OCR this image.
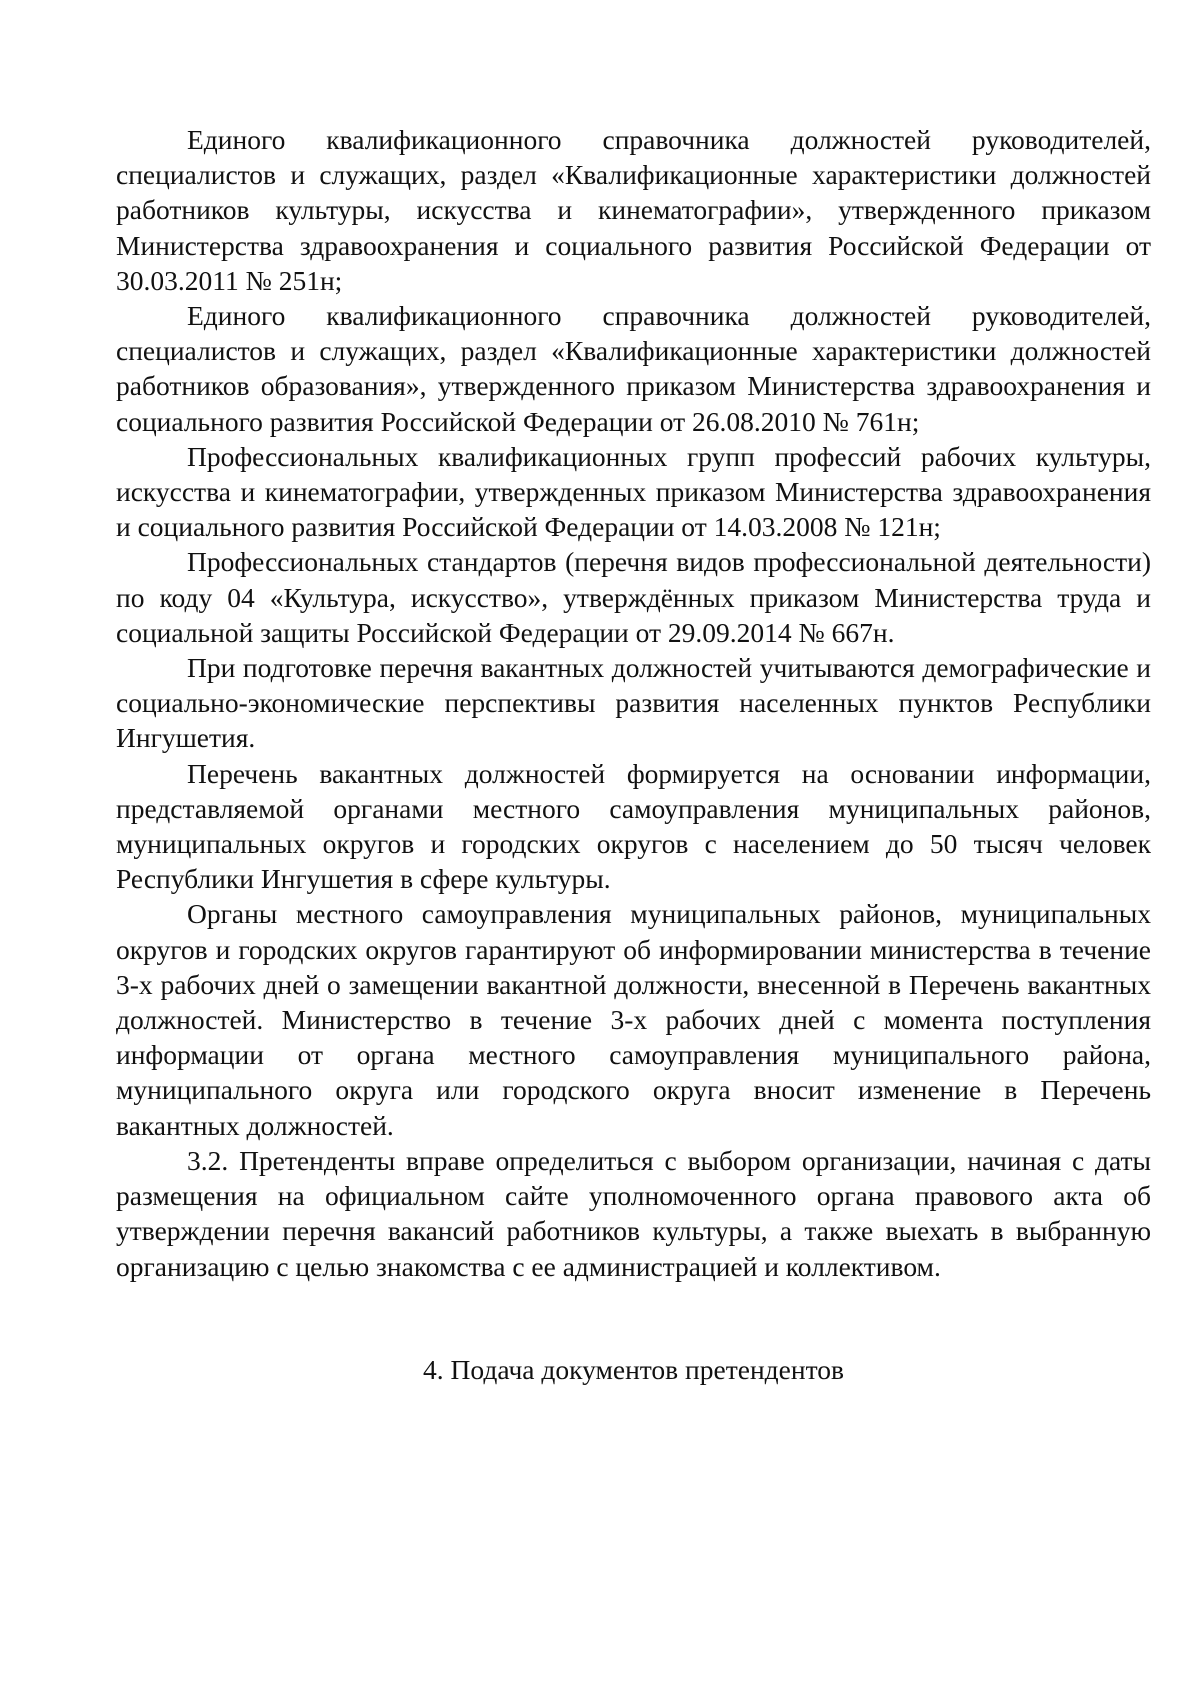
Единого квалификационного справочника должностей руководителей, специалистов и служащих, раздел «Квалификационные характеристики должностей работников культуры, искусства и кинематографии», утвержденного приказом Министерства здравоохранения и социального развития Российской Федерации от 30.03.2011 № 251н;

Единого квалификационного справочника должностей руководителей, специалистов и служащих, раздел «Квалификационные характеристики должностей работников образования», утвержденного приказом Министерства здравоохранения и социального развития Российской Федерации от 26.08.2010 № 761н;

Профессиональных квалификационных групп профессий рабочих культуры, искусства и кинематографии, утвержденных приказом Министерства здравоохранения и социального развития Российской Федерации от 14.03.2008 № 121н;

Профессиональных стандартов (перечня видов профессиональной деятельности) по коду 04 «Культура, искусство», утверждённых приказом Министерства труда и социальной защиты Российской Федерации от 29.09.2014 № 667н.

При подготовке перечня вакантных должностей учитываются демографические и социально-экономические перспективы развития населенных пунктов Республики Ингушетия.

Перечень вакантных должностей формируется на основании информации, представляемой органами местного самоуправления муниципальных районов, муниципальных округов и городских округов с населением до 50 тысяч человек Республики Ингушетия в сфере культуры.

Органы местного самоуправления муниципальных районов, муниципальных округов и городских округов гарантируют об информировании министерства в течение 3-х рабочих дней о замещении вакантной должности, внесенной в Перечень вакантных должностей. Министерство в течение 3-х рабочих дней с момента поступления информации от органа местного самоуправления муниципального района, муниципального округа или городского округа вносит изменение в Перечень вакантных должностей.

3.2. Претенденты вправе определиться с выбором организации, начиная с даты размещения на официальном сайте уполномоченного органа правового акта об утверждении перечня вакансий работников культуры, а также выехать в выбранную организацию с целью знакомства с ее администрацией и коллективом.

4. Подача документов претендентов
